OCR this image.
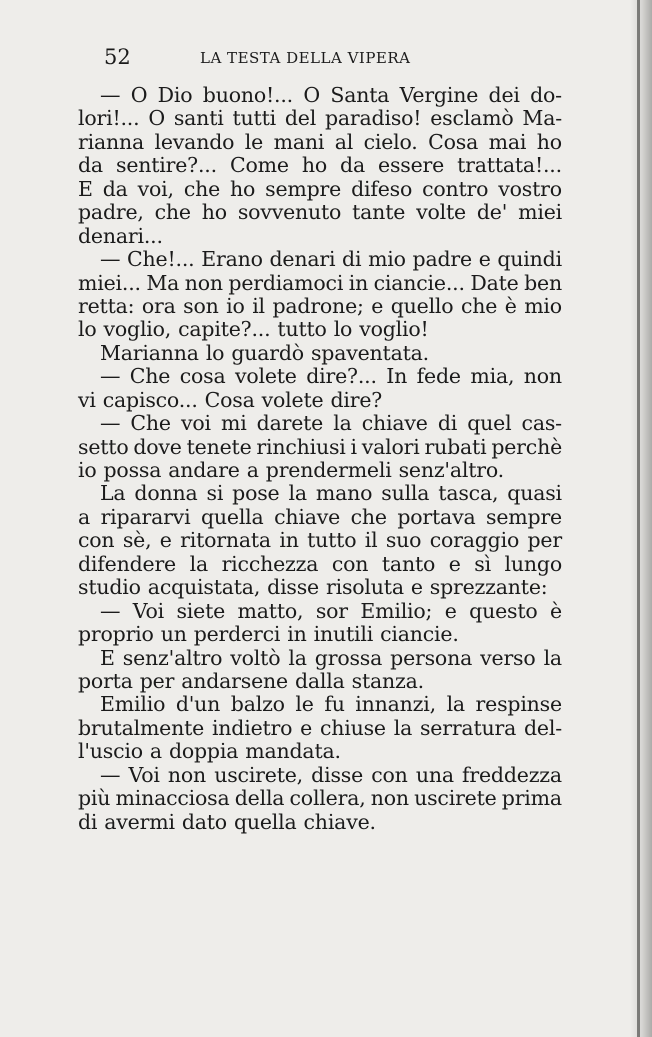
52	LA TESTA DELLA VIPERA
— O Dio buono!... O Santa Vergine dei do-
lori!... O santi tutti del paradiso! esclamò Ma-
rianna levando le mani al cielo. Cosa mai ho
da sentire?... Come ho da essere trattata!...
E da voi, che ho sempre difeso contro vostro
padre, che ho sovvenuto tante volte de' miei
denari...
— Che!... Erano denari di mio padre e quindi
miei... Ma non perdiamoci in ciancie... Date ben
retta: ora son io il padrone; e quello che è mio
lo voglio, capite?... tutto lo voglio!
Marianna lo guardò spaventata.
— Che cosa volete dire?... In fede mia, non
vi capisco... Cosa volete dire?
— Che voi mi darete la chiave di quel cas-
setto dove tenete rinchiusi i valori rubati perchè
io possa andare a prendermeli senz'altro.
La donna si pose la mano sulla tasca, quasi
a ripararvi quella chiave che portava sempre
con sè, e ritornata in tutto il suo coraggio per
difendere la ricchezza con tanto e sì lungo
studio acquistata, disse risoluta e sprezzante:
— Voi siete matto, sor Emilio; e questo è
proprio un perderci in inutili ciancie.
E senz'altro voltò la grossa persona verso la
porta per andarsene dalla stanza.
Emilio d'un balzo le fu innanzi, la respinse
brutalmente indietro e chiuse la serratura del-
l'uscio a doppia mandata.
— Voi non uscirete, disse con una freddezza
più minacciosa della collera, non uscirete prima
di avermi dato quella chiave.
